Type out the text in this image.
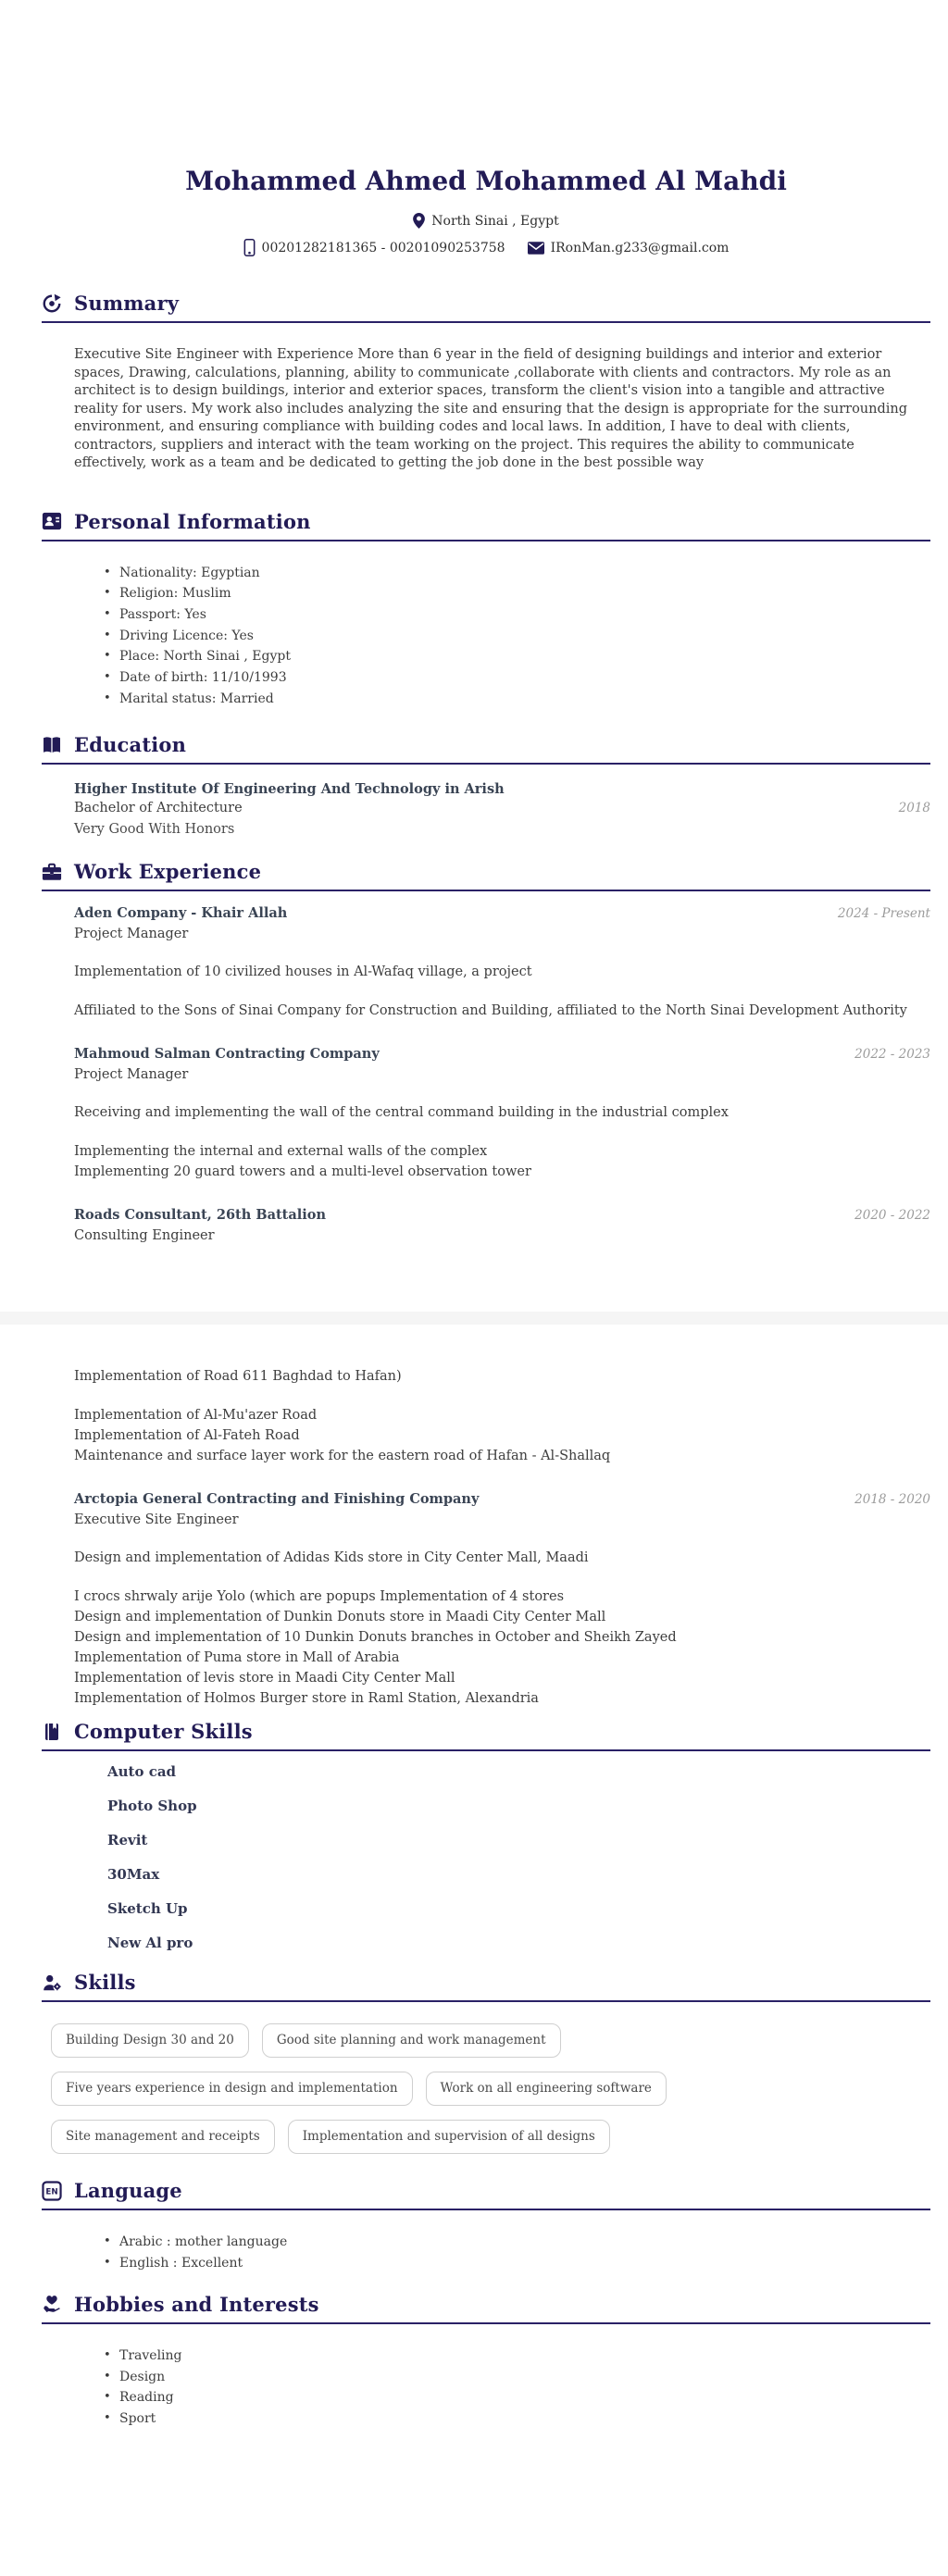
Mohammed Ahmed Mohammed Al Mahdi
North Sinai , Egypt
00201282181365 - 00201090253758	IRonMan.g233@gmail.com
Summary
Executive Site Engineer with Experience More than 6 year in the field of designing buildings and interior and exterior spaces, Drawing, calculations, planning, ability to communicate ,collaborate with clients and contractors. My role as an architect is to design buildings, interior and exterior spaces, transform the client's vision into a tangible and attractive reality for users. My work also includes analyzing the site and ensuring that the design is appropriate for the surrounding environment, and ensuring compliance with building codes and local laws. In addition, I have to deal with clients, contractors, suppliers and interact with the team working on the project. This requires the ability to communicate effectively, work as a team and be dedicated to getting the job done in the best possible way
Personal Information
• Nationality: Egyptian
• Religion: Muslim
• Passport: Yes
• Driving Licence: Yes
• Place: North Sinai , Egypt
• Date of birth: 11/10/1993
• Marital status: Married
Education
Higher Institute Of Engineering And Technology in Arish
Bachelor of Architecture	2018
Very Good With Honors
Work Experience
Aden Company - Khair Allah	2024 - Present
Project Manager
Implementation of 10 civilized houses in Al-Wafaq village, a project
Affiliated to the Sons of Sinai Company for Construction and Building, affiliated to the North Sinai Development Authority
Mahmoud Salman Contracting Company	2022 - 2023
Project Manager
Receiving and implementing the wall of the central command building in the industrial complex
Implementing the internal and external walls of the complex
Implementing 20 guard towers and a multi-level observation tower
Roads Consultant, 26th Battalion	2020 - 2022
Consulting Engineer
Implementation of Road 611 Baghdad to Hafan)
Implementation of Al-Mu'azer Road
Implementation of Al-Fateh Road
Maintenance and surface layer work for the eastern road of Hafan - Al-Shallaq
Arctopia General Contracting and Finishing Company	2018 - 2020
Executive Site Engineer
Design and implementation of Adidas Kids store in City Center Mall, Maadi
I crocs shrwaly arije Yolo (which are popups Implementation of 4 stores
Design and implementation of Dunkin Donuts store in Maadi City Center Mall
Design and implementation of 10 Dunkin Donuts branches in October and Sheikh Zayed
Implementation of Puma store in Mall of Arabia
Implementation of levis store in Maadi City Center Mall
Implementation of Holmos Burger store in Raml Station, Alexandria
Computer Skills
Auto cad
Photo Shop
Revit
30Max
Sketch Up
New Al pro
Skills
Building Design 30 and 20	Good site planning and work management
Five years experience in design and implementation	Work on all engineering software
Site management and receipts	Implementation and supervision of all designs
EN Language
• Arabic : mother language
• English : Excellent
Hobbies and Interests
• Traveling
• Design
• Reading
• Sport
